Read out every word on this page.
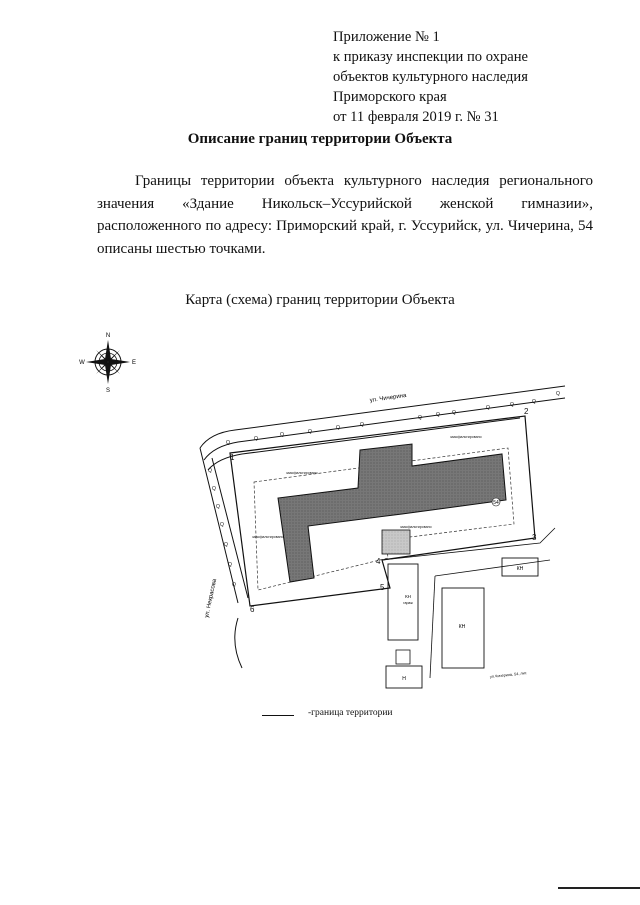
Приложение № 1
к приказу инспекции по охране
объектов культурного наследия
Приморского края
от 11 февраля 2019 г. № 31
Описание границ территории Объекта
Границы территории объекта культурного наследия регионального значения «Здание Никольск–Уссурийской женской гимназии», расположенного по адресу: Приморский край, г. Уссурийск, ул. Чичерина, 54 описаны шестью точками.
Карта (схема) границ территории Объекта
N
S
E
W
Q
Q
Q	Q
Q	Q
Q	Q Q
Q	Q	Q
Q
ул. Чичерина
Q
Q
Q
Q
Q
Q
Q
ул. Некрасова
54
КН
гараж
КН
КН
Н
заасфальтировано
заасфальтировано
заасфальтировано
заасфальтировано
1
2
3
4
5
6
ул.Чичерина, 54, лит.
-граница территории
